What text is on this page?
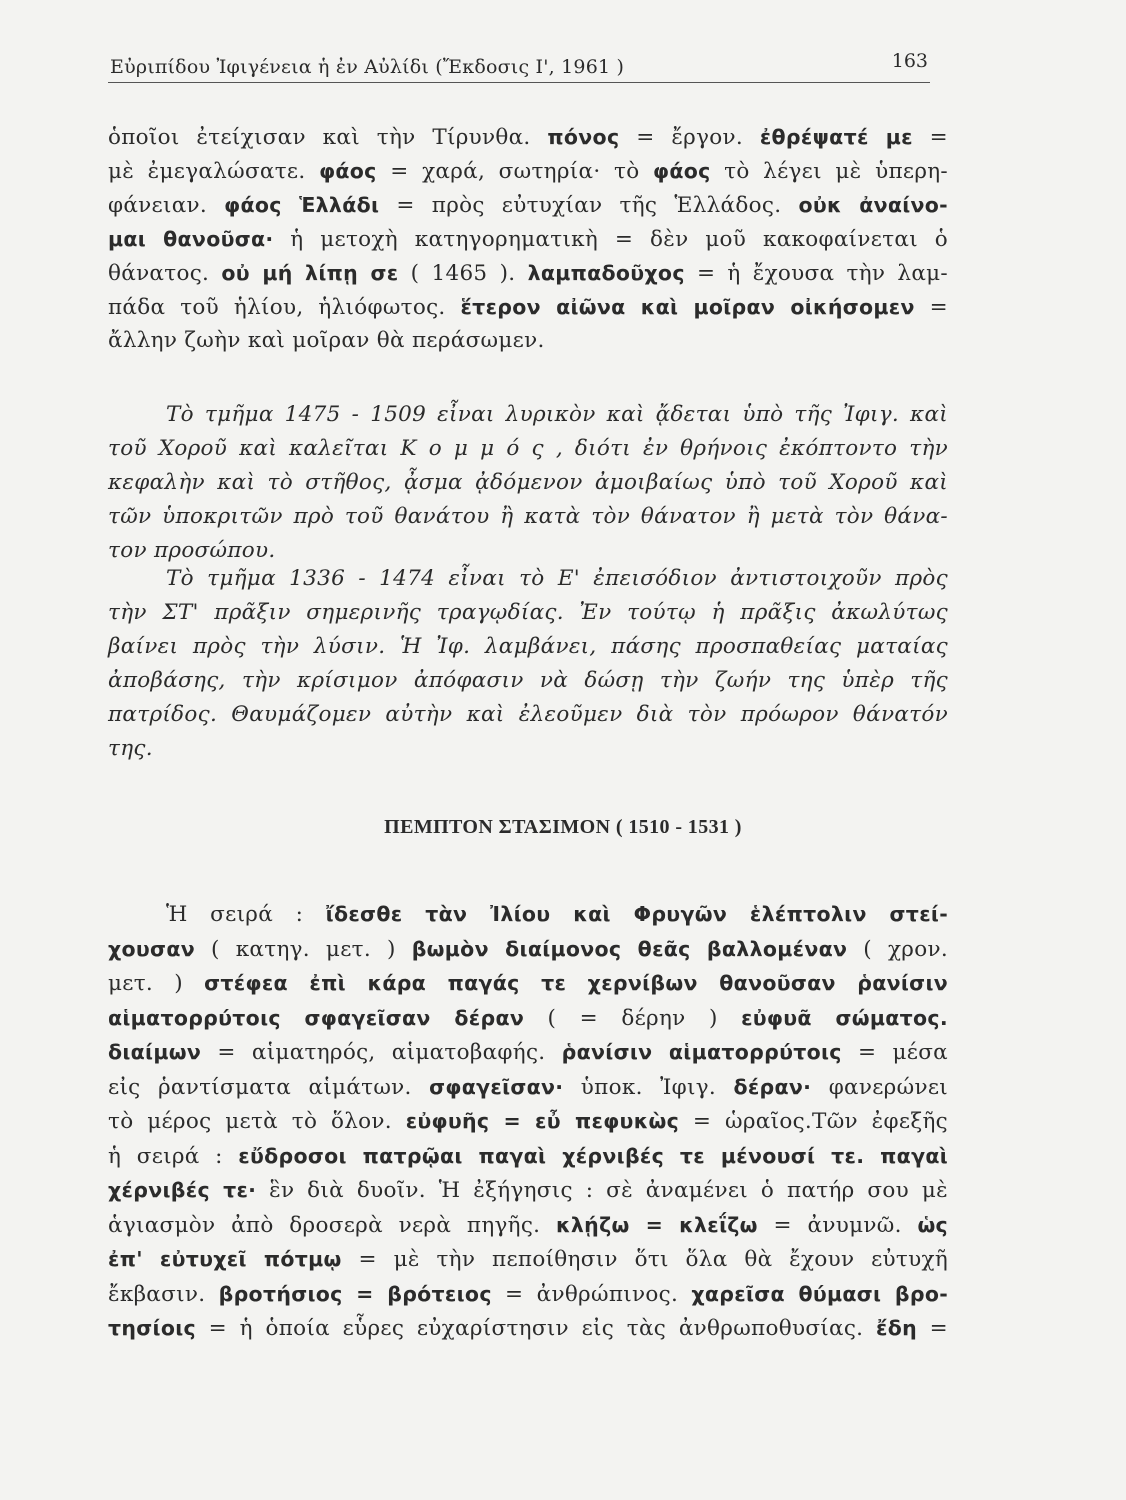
Εὐριπίδου Ἰφιγένεια ἡ ἐν Αὐλίδι (Ἔκδοσις Ι', 1961 )	163
ὁποῖοι ἐτείχισαν καὶ τὴν Τίρυνθα. πόνος = ἔργον. ἐθρέψατέ με =
μὲ ἐμεγαλώσατε. φάος = χαρά, σωτηρία· τὸ φάος τὸ λέγει μὲ ὑπερη-
φάνειαν. φάος Ἑλλάδι = πρὸς εὐτυχίαν τῆς Ἑλλάδος. οὐκ ἀναίνο-
μαι θανοῦσα· ἡ μετοχὴ κατηγορηματικὴ = δὲν μοῦ κακοφαίνεται ὁ
θάνατος. οὐ μή λίπῃ σε ( 1465 ). λαμπαδοῦχος = ἡ ἔχουσα τὴν λαμ-
πάδα τοῦ ἡλίου, ἡλιόφωτος. ἕτερον αἰῶνα καὶ μοῖραν οἰκήσομεν =
ἄλλην ζωὴν καὶ μοῖραν θὰ περάσωμεν.
Τὸ τμῆμα 1475 - 1509 εἶναι λυρικὸν καὶ ᾄδεται ὑπὸ τῆς Ἰφιγ. καὶ
τοῦ Χοροῦ καὶ καλεῖται Κ ο μ μ ό ς , διότι ἐν θρήνοις ἐκόπτοντο τὴν
κεφαλὴν καὶ τὸ στῆθος, ᾆσμα ᾀδόμενον ἀμοιβαίως ὑπὸ τοῦ Χοροῦ καὶ
τῶν ὑποκριτῶν πρὸ τοῦ θανάτου ἢ κατὰ τὸν θάνατον ἢ μετὰ τὸν θάνα-
τον προσώπου.
Τὸ τμῆμα 1336 - 1474 εἶναι τὸ Ε' ἐπεισόδιον ἀντιστοιχοῦν πρὸς
τὴν ΣΤ' πρᾶξιν σημερινῆς τραγῳδίας. Ἐν τούτῳ ἡ πρᾶξις ἀκωλύτως
βαίνει πρὸς τὴν λύσιν. Ἡ Ἰφ. λαμβάνει, πάσης προσπαθείας ματαίας
ἀποβάσης, τὴν κρίσιμον ἀπόφασιν νὰ δώσῃ τὴν ζωήν της ὑπὲρ τῆς
πατρίδος. Θαυμάζομεν αὐτὴν καὶ ἐλεοῦμεν διὰ τὸν πρόωρον θάνατόν
της.
ΠΕΜΠΤΟΝ ΣΤΑΣΙΜΟΝ ( 1510 - 1531 )
Ἡ σειρά : ἴδεσθε τὰν Ἰλίου καὶ Φρυγῶν ἑλέπτολιν στεί-
χουσαν ( κατηγ. μετ. ) βωμὸν διαίμονος θεᾶς βαλλομέναν ( χρον.
μετ. ) στέφεα ἐπὶ κάρα παγάς τε χερνίβων θανοῦσαν ῥανίσιν
αἱματορρύτοις σφαγεῖσαν δέραν ( = δέρην ) εὐφυᾶ σώματος.
διαίμων = αἱματηρός, αἱματοβαφής. ῥανίσιν αἱματορρύτοις = μέσα
εἰς ῥαντίσματα αἱμάτων. σφαγεῖσαν· ὑποκ. Ἰφιγ. δέραν· φανερώνει
τὸ μέρος μετὰ τὸ ὅλον. εὐφυῆς = εὖ πεφυκὼς = ὡραῖος.Τῶν ἐφεξῆς
ἡ σειρά : εὔδροσοι πατρῷαι παγαὶ χέρνιβές τε μένουσί τε. παγαὶ
χέρνιβές τε· ἓν διὰ δυοῖν. Ἡ ἐξήγησις : σὲ ἀναμένει ὁ πατήρ σου μὲ
ἁγιασμὸν ἀπὸ δροσερὰ νερὰ πηγῆς. κλῄζω = κλεΐζω = ἀνυμνῶ. ὡς
ἐπ' εὐτυχεῖ πότμῳ = μὲ τὴν πεποίθησιν ὅτι ὅλα θὰ ἔχουν εὐτυχῆ
ἔκβασιν. βροτήσιος = βρότειος = ἀνθρώπινος. χαρεῖσα θύμασι βρο-
τησίοις = ἡ ὁποία εὗρες εὐχαρίστησιν εἰς τὰς ἀνθρωποθυσίας. ἔδη =
